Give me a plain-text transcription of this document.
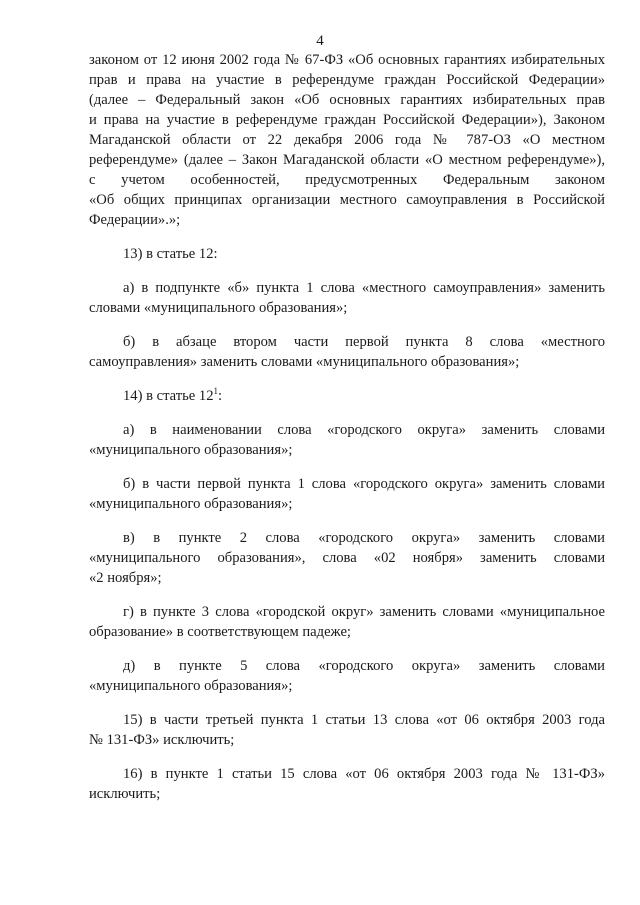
4

законом от 12 июня 2002 года № 67-ФЗ «Об основных гарантиях избирательных

прав и права на участие в референдуме граждан Российской Федерации»

(далее – Федеральный закон «Об основных гарантиях избирательных прав

и права на участие в референдуме граждан Российской Федерации»), Законом

Магаданской области от 22 декабря 2006 года № 787-ОЗ «О местном

референдуме» (далее – Закон Магаданской области «О местном референдуме»),

с учетом особенностей, предусмотренных Федеральным законом

«Об общих принципах организации местного самоуправления в Российской

Федерации».»;

13) в статье 12:

а) в подпункте «б» пункта 1 слова «местного самоуправления» заменить

словами «муниципального образования»;

б) в абзаце втором части первой пункта 8 слова «местного

самоуправления» заменить словами «муниципального образования»;

14) в статье $12^1$:

а) в наименовании слова «городского округа» заменить словами

«муниципального образования»;

б) в части первой пункта 1 слова «городского округа» заменить словами

«муниципального образования»;

в) в пункте 2 слова «городского округа» заменить словами

«муниципального образования», слова «02 ноября» заменить словами

«2 ноября»;

г) в пункте 3 слова «городской округ» заменить словами «муниципальное

образование» в соответствующем падеже;

д) в пункте 5 слова «городского округа» заменить словами

«муниципального образования»;

15) в части третьей пункта 1 статьи 13 слова «от 06 октября 2003 года

№ 131-ФЗ» исключить;

16) в пункте 1 статьи 15 слова «от 06 октября 2003 года № 131-ФЗ»

исключить;
